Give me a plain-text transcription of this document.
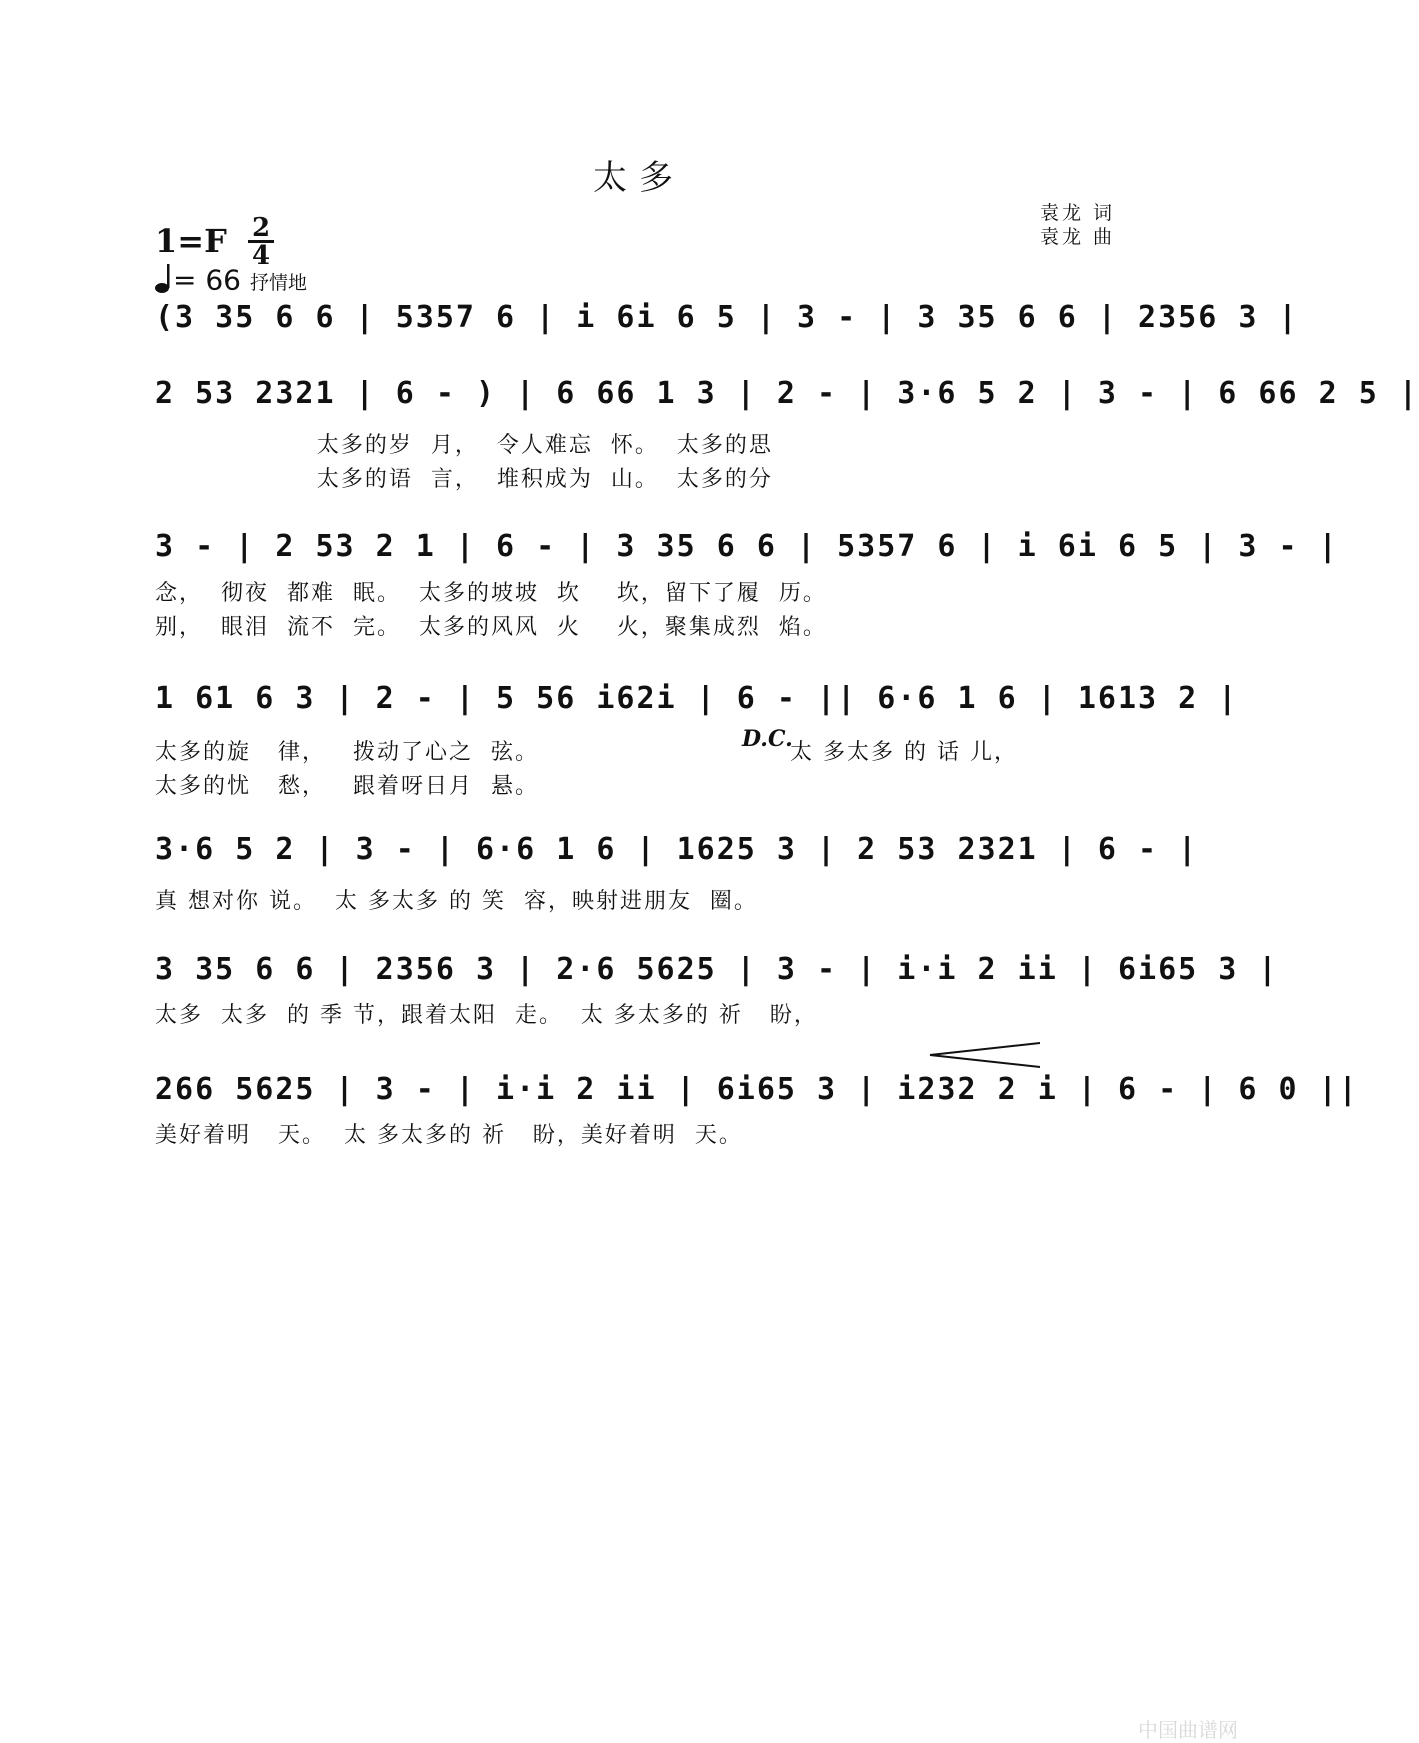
太多
袁龙 词
袁龙 曲
$1=F \frac{2}{4}$
= 66 抒情地
(3 35 6 6 | 5357 6 | i 6i 6 5 | 3 - | 3 35 6 6 | 2356 3 |
2 53 2321 | 6 - ) | 6 66 1 3 | 2 - | 3·6 5 2 | 3 - | 6 66 2 5 |
太多的岁  月，  令人难忘  怀。  太多的思
太多的语  言，  堆积成为  山。  太多的分
3 - | 2 53 2 1 | 6 - | 3 35 6 6 | 5357 6 | i 6i 6 5 | 3 - |
念，  彻夜  都难  眠。  太多的坡坡  坎    坎，留下了履  历。
别，  眼泪  流不  完。  太多的风风  火    火，聚集成烈  焰。
1 61 6 3 | 2 - | 5 56 i62i | 6 - || 6·6 1 6 | 1613 2 |
太多的旋   律，   拨动了心之  弦。
太多的忧   愁，   跟着呀日月  悬。
D.C.
太 多太多 的 话 儿，
3·6 5 2 | 3 - | 6·6 1 6 | 1625 3 | 2 53 2321 | 6 - |
真 想对你 说。  太 多太多 的 笑  容，映射进朋友  圈。
3 35 6 6 | 2356 3 | 2·6 5625 | 3 - | i·i 2 ii | 6i65 3 |
太多  太多  的 季 节，跟着太阳  走。  太 多太多的 祈   盼，
266 5625 | 3 - | i·i 2 ii | 6i65 3 | i232 2 i | 6 - | 6 0 ||
美好着明   天。  太 多太多的 祈   盼，美好着明  天。
中国曲谱网
